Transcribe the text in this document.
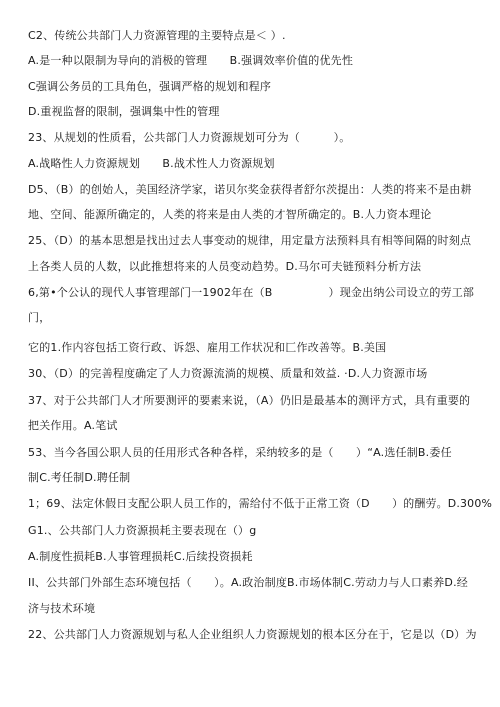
C2、传统公共部门人力资源管理的主要特点是＜ ）.
A.是一种以限制为导向的消极的管理　　B.强调效率价值的优先性
C强调公务员的工具角色，强调严格的规划和程序
D.重视监督的限制，强调集中性的管理
23、从规划的性质看，公共部门人力资源规划可分为（　　　）。
A.战略性人力资源规划　　B.战术性人力资源规划
D5、（B）的创始人，美国经济学家，诺贝尔奖金获得者舒尔茨提出：人类的将来不是由耕
地、空间、能源所确定的，人类的将来是由人类的才智所确定的。B.人力资本理论
25、（D）的基本思想是找出过去人事变动的规律，用定量方法预料具有相等间隔的时刻点
上各类人员的人数，以此推想将来的人员变动趋势。D.马尔可夫链预料分析方法
6,第•个公认的现代人事管理部门一1902年在（B　　　　　）现金出纳公司设立的劳工部
门，
它的1.作内容包括工资行政、诉怨、雇用工作状况和匚作改善等。B.美国
30、（D）的完善程度确定了人力资源流淌的规模、质量和效益. ·D.人力资源市场
37、对于公共部门人才所要测评的要素来说，（A）仍旧是最基本的测评方式，具有重要的
把关作用。A.笔试
53、当今各国公职人员的任用形式各种各样，采纳较多的是（　　）“A.选任制B.委任
制C.考任制D.聘任制
1；69、法定休假日支配公职人员工作的，需给付不低于正常工资（D　　）的酬劳。D.300%
G1.、公共部门人力资源损耗主要表现在（）g
A.制度性损耗B.人事管理损耗C.后续投资损耗
II、公共部门外部生态环境包括（　　）。A.政治制度B.市场体制C.劳动力与人口素养D.经
济与技术环境
22、公共部门人力资源规划与私人企业组织人力资源规划的根本区分在于，它是以（D）为
